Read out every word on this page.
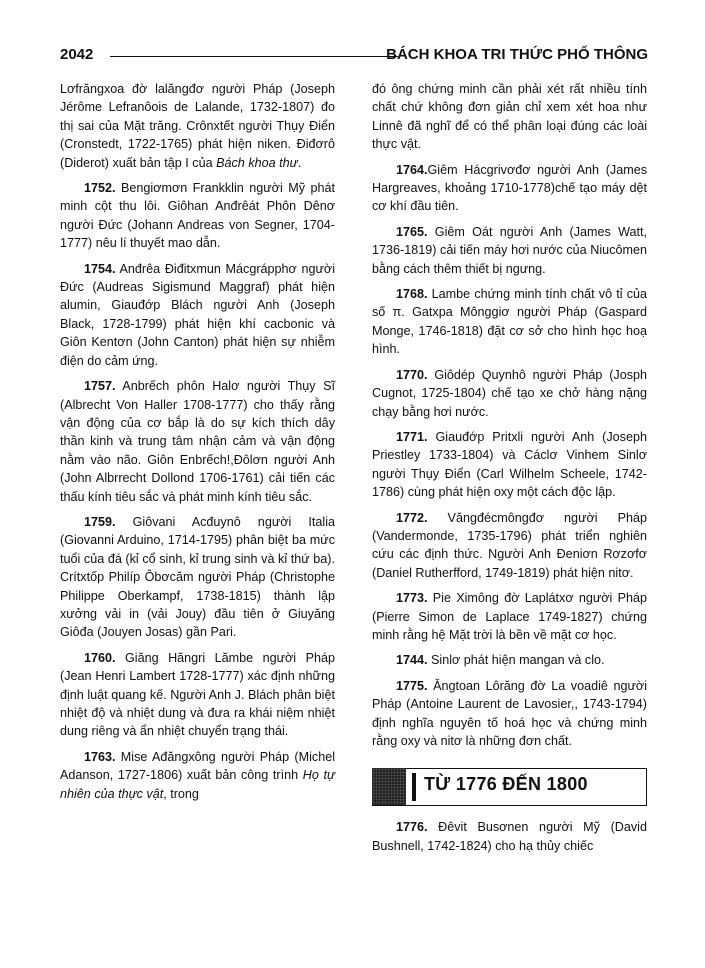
2042	BÁCH KHOA TRI THỨC PHỔ THÔNG

Lơfrăngxoa đờ lalăngđơ người Pháp (Joseph Jérôme Lefranôois de Lalande, 1732-1807) đo thị sai của Mặt trăng. Crônxtết người Thụy Điển (Cronstedt, 1722-1765) phát hiện niken. Điđơrô (Diderot) xuất bản tập I của Bách khoa thư.

1752. Bengiơmơn Frankklin người Mỹ phát minh cột thu lôi. Giôhan Anđrêát Phôn Dênơ người Đức (Johann Andreas von Segner, 1704-1777) nêu lí thuyết mao dẫn.

1754. Anđrêa Điđitxmun Mácgrápphơ người Đức (Audreas Sigismund Maggraf) phát hiện alumin, Giauđớp Blách người Anh (Joseph Black, 1728-1799) phát hiện khí cacbonic và Giôn Kentơn (John Canton) phát hiện sự nhiễm điện do cảm ứng.

1757. Anbrếch phôn Halơ người Thụy Sĩ (Albrecht Von Haller 1708-1777) cho thấy rằng vận động của cơ bắp là do sự kích thích dây thần kinh và trung tâm nhận cảm và vận động nằm vào não. Giôn Enbrếch!,Đôlơn người Anh (John Albrrecht Dollond 1706-1761) cải tiến các thấu kính tiêu sắc và phát minh kính tiêu sắc.

1759. Giôvani Acđuynô người Italia (Giovanni Arduino, 1714-1795) phân biệt ba mức tuổi của đá (kỉ cổ sinh, kỉ trung sinh và kỉ thứ ba). Crítxtốp Philíp Ôbơcăm người Pháp (Christophe Philippe Oberkampf, 1738-1815) thành lập xưởng vải in (vải Jouy) đầu tiên ở Giuyăng Giôđa (Jouyen Josas) gần Pari.

1760. Giăng Hăngri Lămbe người Pháp (Jean Henri Lambert 1728-1777) xác định những định luật quang kế. Người Anh J. Blách phân biệt nhiệt độ và nhiệt dung và đưa ra khái niệm nhiệt dung riêng và ẩn nhiệt chuyển trạng thái.

1763. Mise Ađăngxông người Pháp (Michel Adanson, 1727-1806) xuất bản công trình Họ tự nhiên của thực vật, trong

đó ông chứng minh cần phải xét rất nhiều tính chất chứ không đơn giản chỉ xem xét hoa như Linnê đã nghĩ để có thể phân loại đúng các loài thực vật.

1764.Giêm Hácgrivơđơ người Anh (James Hargreaves, khoảng 1710-1778)chế tạo máy dệt cơ khí đầu tiên.

1765. Giêm Oát người Anh (James Watt, 1736-1819) cải tiến máy hơi nước của Niucômen bằng cách thêm thiết bị ngưng.

1768. Lambe chứng minh tính chất vô tỉ của số π. Gatxpa Mônggiơ người Pháp (Gaspard Monge, 1746-1818) đặt cơ sở cho hình học hoạ hình.

1770. Giôdép Quynhô người Pháp (Josph Cugnot, 1725-1804) chế tạo xe chở hàng nặng chạy bằng hơi nước.

1771. Giauđớp Pritxli người Anh (Joseph Priestley 1733-1804) và Cáclơ Vinhem Sinlơ người Thụy Điển (Carl Wilhelm Scheele, 1742-1786) cùng phát hiện oxy một cách độc lập.

1772. Văngđécmôngđơ người Pháp (Vandermonde, 1735-1796) phát triển nghiên cứu các định thức. Người Anh Đeniơn Rơzơfơ (Daniel Rutherfford, 1749-1819) phát hiện nitơ.

1773. Pie Ximông đờ Laplátxơ người Pháp (Pierre Simon de Laplace 1749-1827) chứng minh rằng hệ Mặt trời là bền về mặt cơ học.

1744. Sinlơ phát hiện mangan và clo.

1775. Ăngtoan Lôrăng đờ La voadiê người Pháp (Antoine Laurent de Lavosier,, 1743-1794) định nghĩa nguyên tố hoá học và chứng minh rằng oxy và nitơ là những đơn chất.

TỪ 1776 ĐẾN 1800

1776. Đêvit Busơnen người Mỹ (David Bushnell, 1742-1824) cho hạ thủy chiếc
